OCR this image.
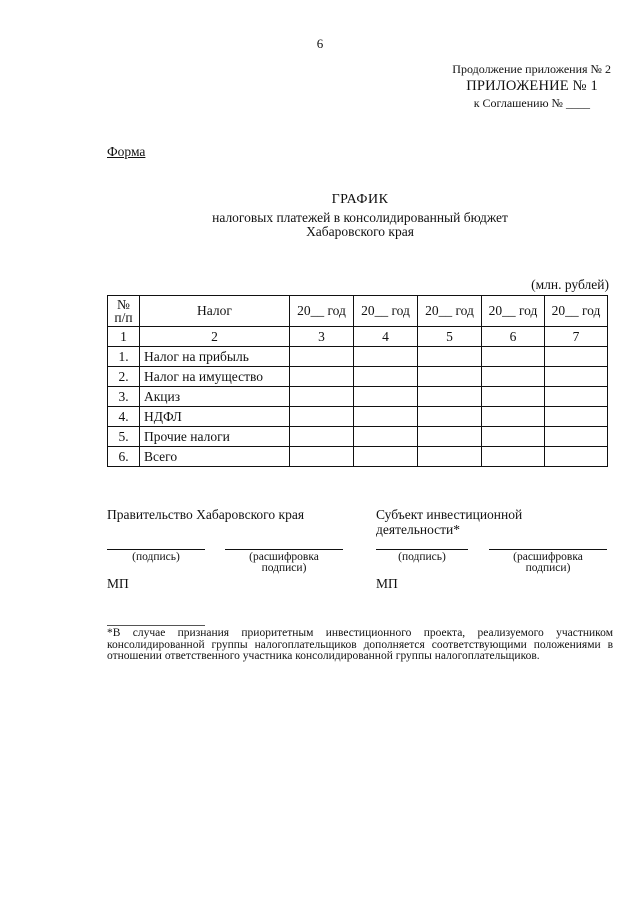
6
Продолжение приложения № 2
ПРИЛОЖЕНИЕ № 1
к Соглашению № ____
Форма
ГРАФИК
налоговых платежей в консолидированный бюджет
Хабаровского края
(млн. рублей)
№
п/п	Налог	20__ год	20__ год	20__ год	20__ год	20__ год
1	2	3	4	5	6	7
1.	Налог на прибыль					
2.	Налог на имущество					
3.	Акциз					
4.	НДФЛ					
5.	Прочие налоги					
6.	Всего					
Правительство Хабаровского края	Субъект инвестиционной
деятельности*
(подпись)	(расшифровка
подписи)
(подпись)	(расшифровка
подписи)
МП	МП
*В случае признания приоритетным инвестиционного проекта, реализуемого участником консолидированной группы налогоплательщиков дополняется соответствующими положениями в отношении ответственного участника консолидированной группы налогоплательщиков.
